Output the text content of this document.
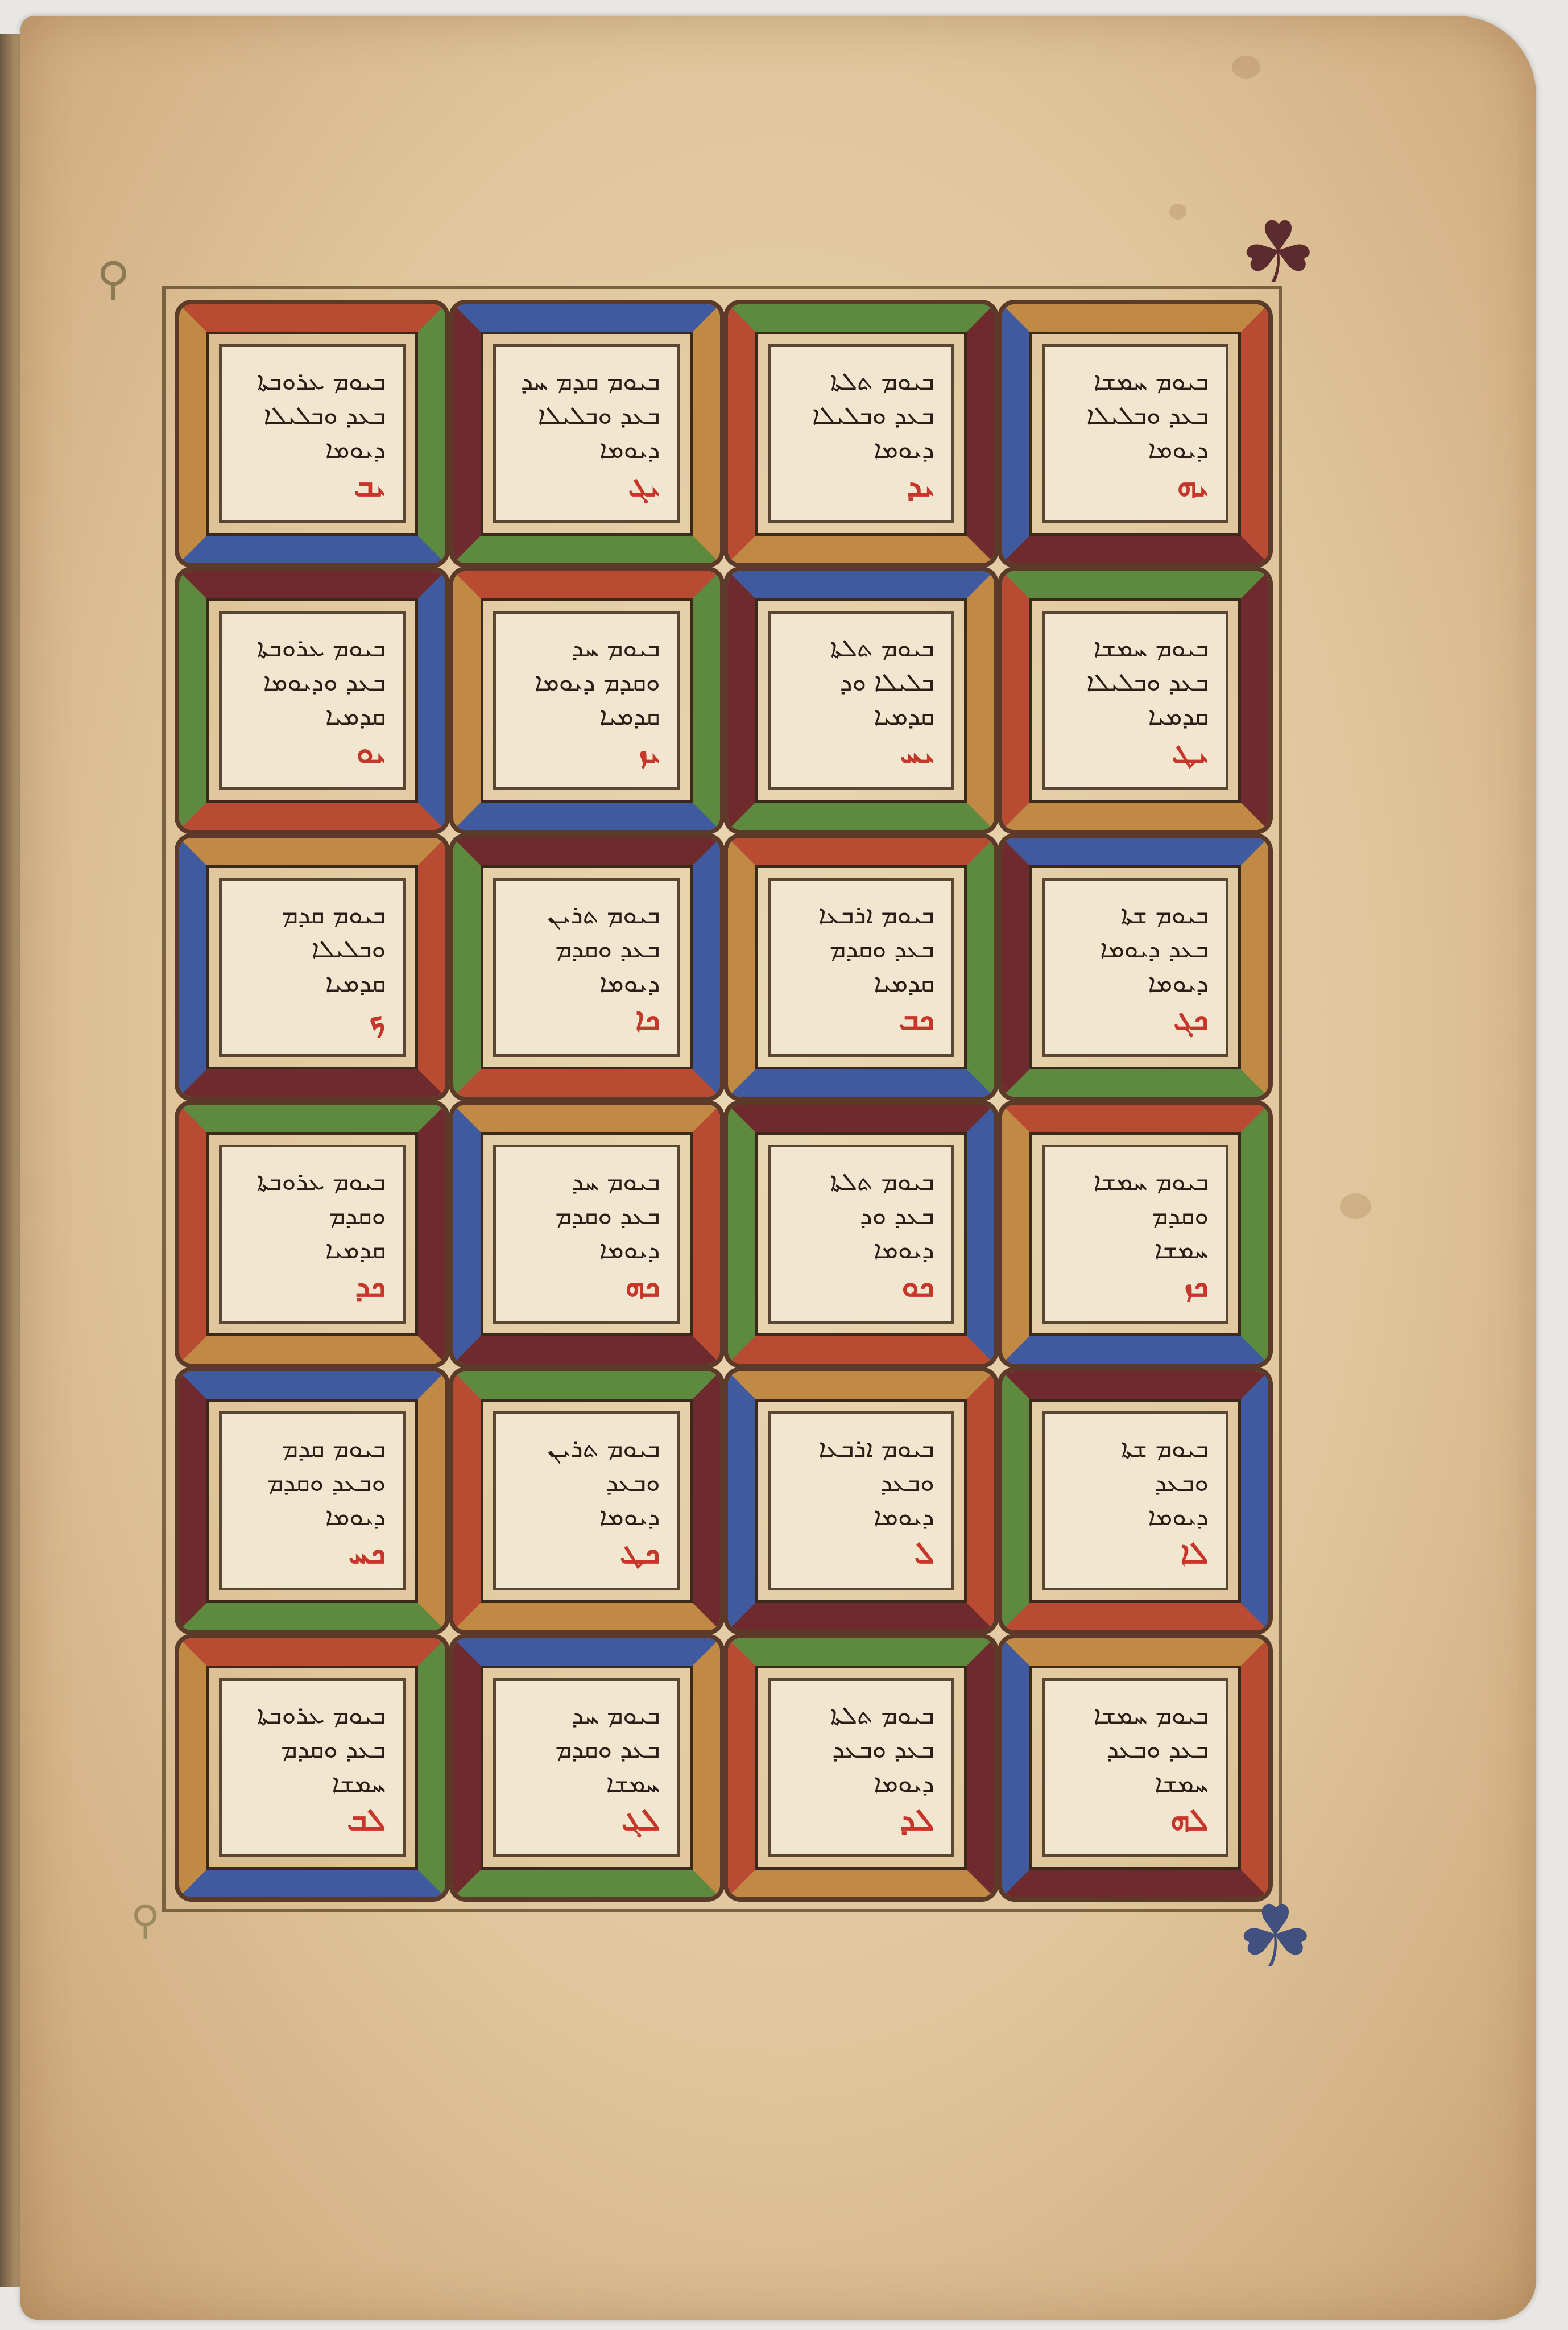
ܒܝܘܡ ܥܪܘܒܬܐ
ܒܥܕ ܘܒܠܝܠܐ
ܕܝܘܡܐ
ܝܒ
ܒܝܘܡ ܩܕܡ ܚܕ
ܒܥܕ ܘܒܠܝܠܐ
ܕܝܘܡܐ
ܝܓ
ܒܝܘܡ ܬܠܬܐ
ܒܥܕ ܘܒܠܝܠܐ
ܕܝܘܡܐ
ܝܕ
ܒܝܘܡ ܚܡܫܐ
ܒܥܕ ܘܒܠܝܠܐ
ܕܝܘܡܐ
ܝܗ
ܒܝܘܡ ܥܪܘܒܬܐ
ܒܥܕ ܘܕܝܘܡܐ
ܩܕܡܝܐ
ܝܘ
ܒܝܘܡ ܚܕ
ܘܩܕܡ ܕܝܘܡܐ
ܩܕܡܝܐ
ܝܙ
ܒܝܘܡ ܬܠܬܐ
ܒܠܝܠܐ ܘܕ
ܩܕܡܝܐ
ܝܚ
ܒܝܘܡ ܚܡܫܐ
ܒܥܕ ܘܒܠܝܠܐ
ܩܕܡܝܐ
ܝܛ
ܒܝܘܡ ܩܕܡ
ܘܒܠܝܠܐ
ܩܕܡܝܐ
ܟ
ܒܝܘܡ ܬܪܝܢ
ܒܥܕ ܘܩܕܡ
ܕܝܘܡܐ
ܟܐ
ܒܝܘܡ ܐܪܒܥܐ
ܒܥܕ ܘܩܕܡ
ܩܕܡܝܐ
ܟܒ
ܒܝܘܡ ܫܬܐ
ܒܥܕ ܕܝܘܡܐ
ܕܝܘܡܐ
ܟܓ
ܒܝܘܡ ܥܪܘܒܬܐ
ܘܩܕܡ
ܩܕܡܝܐ
ܟܕ
ܒܝܘܡ ܚܕ
ܒܥܕ ܘܩܕܡ
ܕܝܘܡܐ
ܟܗ
ܒܝܘܡ ܬܠܬܐ
ܒܥܕ ܘܕ
ܕܝܘܡܐ
ܟܘ
ܒܝܘܡ ܚܡܫܐ
ܘܩܕܡ
ܚܡܫܐ
ܟܙ
ܒܝܘܡ ܩܕܡ
ܘܒܥܕ ܘܩܕܡ
ܕܝܘܡܐ
ܟܚ
ܒܝܘܡ ܬܪܝܢ
ܘܒܥܕ
ܕܝܘܡܐ
ܟܛ
ܒܝܘܡ ܐܪܒܥܐ
ܘܒܥܕ
ܕܝܘܡܐ
ܠ
ܒܝܘܡ ܫܬܐ
ܘܒܥܕ
ܕܝܘܡܐ
ܠܐ
ܒܝܘܡ ܥܪܘܒܬܐ
ܒܥܕ ܘܩܕܡ
ܚܡܫܐ
ܠܒ
ܒܝܘܡ ܚܕ
ܒܥܕ ܘܩܕܡ
ܚܡܫܐ
ܠܓ
ܒܝܘܡ ܬܠܬܐ
ܒܥܕ ܘܒܥܕ
ܕܝܘܡܐ
ܠܕ
ܒܝܘܡ ܚܡܫܐ
ܒܥܕ ܘܒܥܕ
ܚܡܫܐ
ܠܗ
☘
☘
⚲
⚲
